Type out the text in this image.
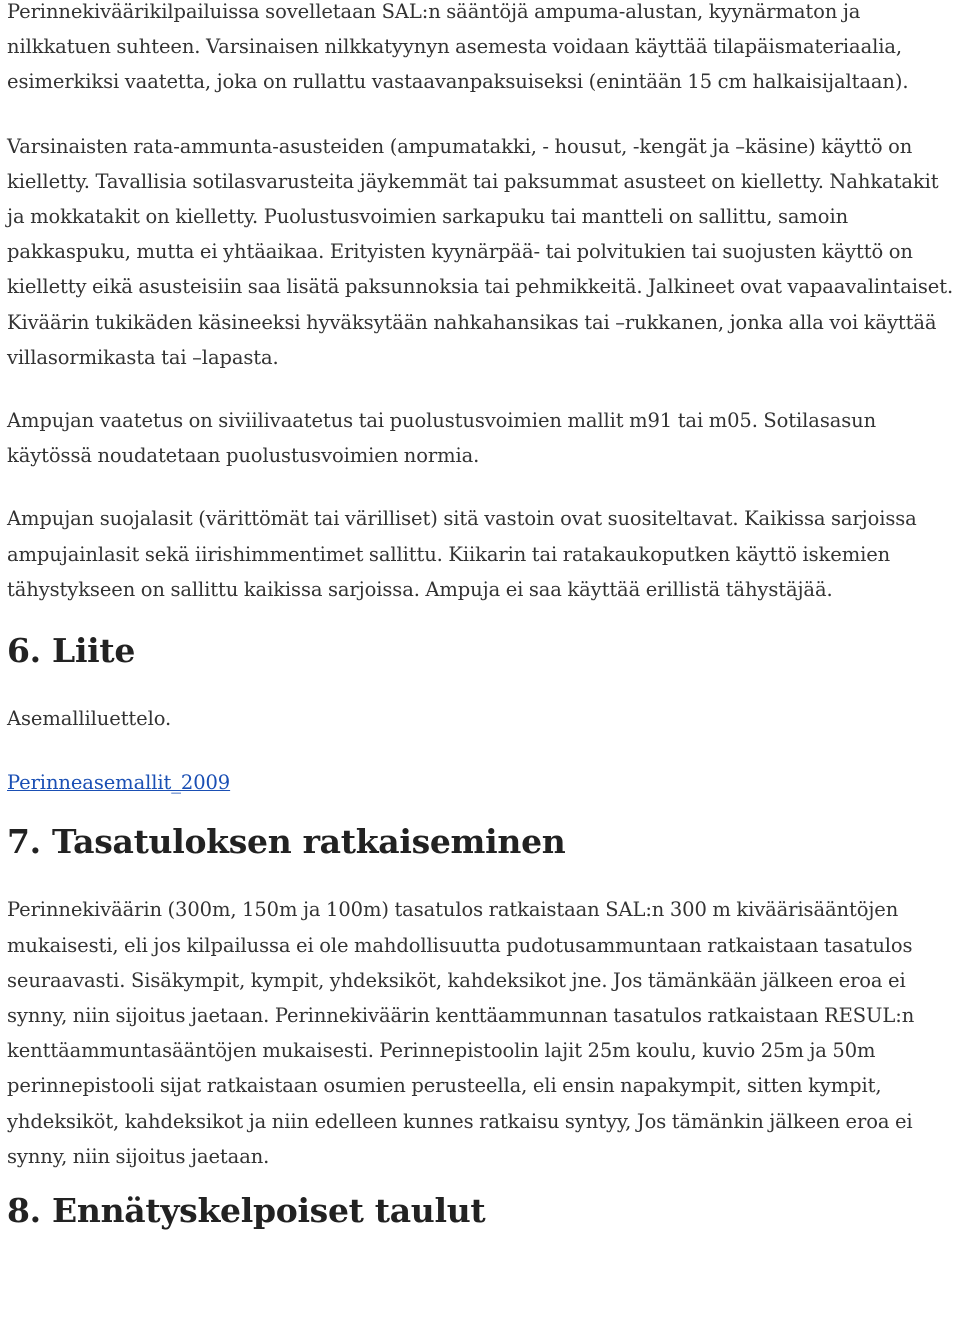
Perinnekiväärikilpailuissa sovelletaan SAL:n sääntöjä ampuma-alustan, kyynärmaton ja nilkkatuen suhteen. Varsinaisen nilkkatyynyn asemesta voidaan käyttää tilapäismateriaalia, esimerkiksi vaatetta, joka on rullattu vastaavanpaksuiseksi (enintään 15 cm halkaisijaltaan).

Varsinaisten rata-ammunta-asusteiden (ampumatakki, - housut, -kengät ja –käsine) käyttö on kielletty. Tavallisia sotilasvarusteita jäykemmät tai paksummat asusteet on kielletty. Nahkatakit ja mokkatakit on kielletty. Puolustusvoimien sarkapuku tai mantteli on sallittu, samoin pakkaspuku, mutta ei yhtäaikaa. Erityisten kyynärpää- tai polvitukien tai suojusten käyttö on kielletty eikä asusteisiin saa lisätä paksunnoksia tai pehmikkeitä. Jalkineet ovat vapaavalintaiset. Kiväärin tukikäden käsineeksi hyväksytään nahkahansikas tai –rukkanen, jonka alla voi käyttää villasormikasta tai –lapasta.

Ampujan vaatetus on siviilivaatetus tai puolustusvoimien mallit m91 tai m05. Sotilasasun käytössä noudatetaan puolustusvoimien normia.

Ampujan suojalasit (värittömät tai värilliset) sitä vastoin ovat suositeltavat. Kaikissa sarjoissa ampujainlasit sekä iirishimmentimet sallittu. Kiikarin tai ratakaukoputken käyttö iskemien tähystykseen on sallittu kaikissa sarjoissa. Ampuja ei saa käyttää erillistä tähystäjää.

6. Liite

Asemalliluettelo.

Perinneasemallit_2009

7. Tasatuloksen ratkaiseminen

Perinnekiväärin (300m, 150m ja 100m) tasatulos ratkaistaan SAL:n 300 m kiväärisääntöjen mukaisesti, eli jos kilpailussa ei ole mahdollisuutta pudotusammuntaan ratkaistaan tasatulos seuraavasti. Sisäkympit, kympit, yhdeksiköt, kahdeksikot jne. Jos tämänkään jälkeen eroa ei synny, niin sijoitus jaetaan. Perinnekiväärin kenttäammunnan tasatulos ratkaistaan RESUL:n kenttäammuntasääntöjen mukaisesti. Perinnepistoolin lajit 25m koulu, kuvio 25m ja 50m perinnepistooli sijat ratkaistaan osumien perusteella, eli ensin napakympit, sitten kympit, yhdeksiköt, kahdeksikot ja niin edelleen kunnes ratkaisu syntyy, Jos tämänkin jälkeen eroa ei synny, niin sijoitus jaetaan.

8. Ennätyskelpoiset taulut
